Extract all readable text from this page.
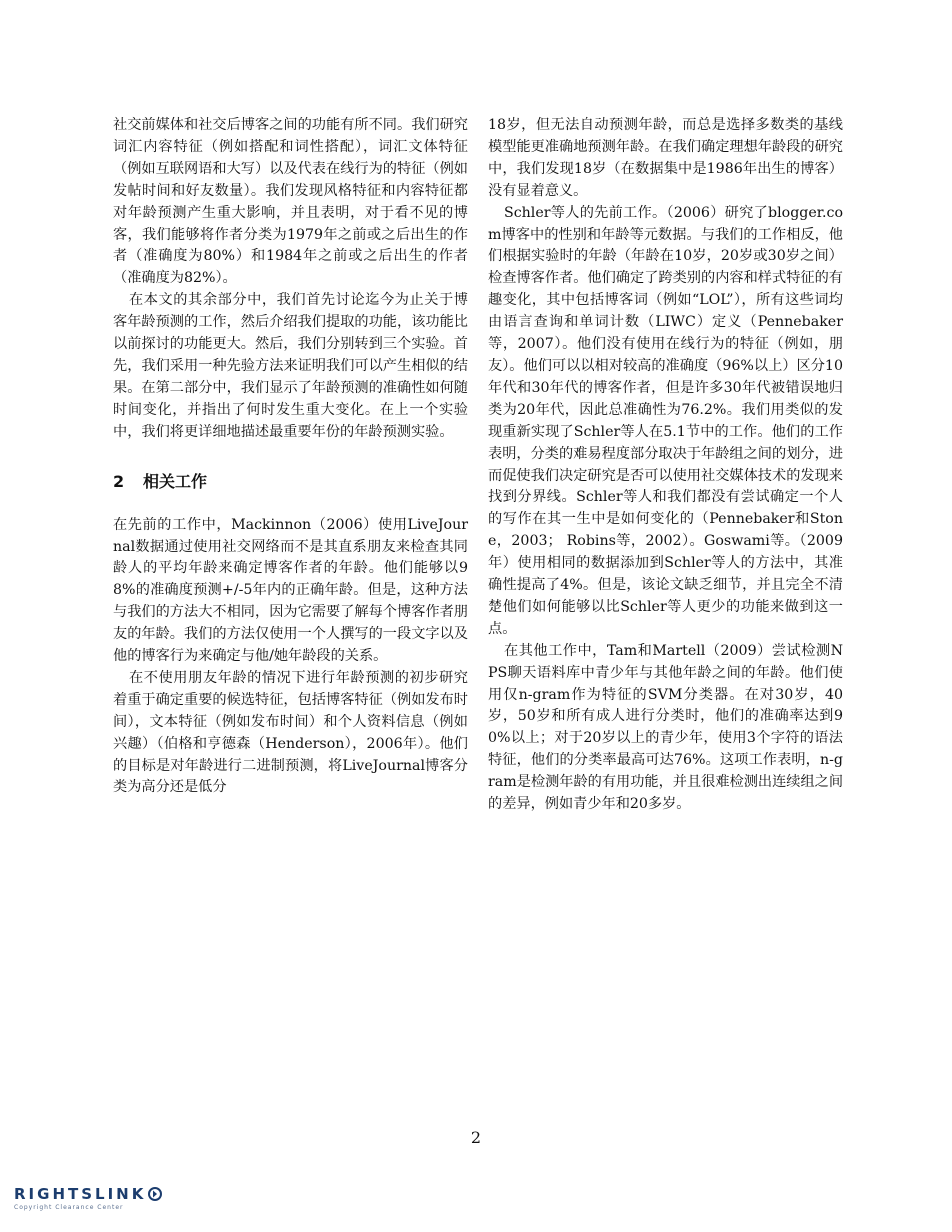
社交前媒体和社交后博客之间的功能有所不同。我们研究词汇内容特征（例如搭配和词性搭配），词汇文体特征（例如互联网语和大写）以及代表在线行为的特征（例如发帖时间和好友数量）。我们发现风格特征和内容特征都对年龄预测产生重大影响，并且表明，对于看不见的博客，我们能够将作者分类为1979年之前或之后出生的作者（准确度为80%）和1984年之前或之后出生的作者（准确度为82%）。

在本文的其余部分中，我们首先讨论迄今为止关于博客年龄预测的工作，然后介绍我们提取的功能，该功能比以前探讨的功能更大。然后，我们分别转到三个实验。首先，我们采用一种先验方法来证明我们可以产生相似的结果。在第二部分中，我们显示了年龄预测的准确性如何随时间变化，并指出了何时发生重大变化。在上一个实验中，我们将更详细地描述最重要年份的年龄预测实验。

2 相关工作

在先前的工作中，Mackinnon（2006）使用LiveJournal数据通过使用社交网络而不是其直系朋友来检查其同龄人的平均年龄来确定博客作者的年龄。他们能够以98%的准确度预测+/-5年内的正确年龄。但是，这种方法与我们的方法大不相同，因为它需要了解每个博客作者朋友的年龄。我们的方法仅使用一个人撰写的一段文字以及他的博客行为来确定与他/她年龄段的关系。

在不使用朋友年龄的情况下进行年龄预测的初步研究着重于确定重要的候选特征，包括博客特征（例如发布时间），文本特征（例如发布时间）和个人资料信息（例如兴趣）（伯格和亨德森（Henderson），2006年）。他们的目标是对年龄进行二进制预测，将LiveJournal博客分类为高分还是低分

18岁，但无法自动预测年龄，而总是选择多数类的基线模型能更准确地预测年龄。在我们确定理想年龄段的研究中，我们发现18岁（在数据集中是1986年出生的博客）没有显着意义。

Schler等人的先前工作。（2006）研究了blogger.com博客中的性别和年龄等元数据。与我们的工作相反，他们根据实验时的年龄（年龄在10岁，20岁或30岁之间）检查博客作者。他们确定了跨类别的内容和样式特征的有趣变化，其中包括博客词（例如“LOL”），所有这些词均由语言查询和单词计数（LIWC）定义（Pennebaker等，2007）。他们没有使用在线行为的特征（例如，朋友）。他们可以以相对较高的准确度（96%以上）区分10年代和30年代的博客作者，但是许多30年代被错误地归类为20年代，因此总准确性为76.2%。我们用类似的发现重新实现了Schler等人在5.1节中的工作。他们的工作表明，分类的难易程度部分取决于年龄组之间的划分，进而促使我们决定研究是否可以使用社交媒体技术的发现来找到分界线。Schler等人和我们都没有尝试确定一个人的写作在其一生中是如何变化的（Pennebaker和Stone，2003； Robins等，2002）。Goswami等。（2009年）使用相同的数据添加到Schler等人的方法中，其准确性提高了4%。但是，该论文缺乏细节，并且完全不清楚他们如何能够以比Schler等人更少的功能来做到这一点。

在其他工作中，Tam和Martell（2009）尝试检测NPS聊天语料库中青少年与其他年龄之间的年龄。他们使用仅n-gram作为特征的SVM分类器。在对30岁，40岁，50岁和所有成人进行分类时，他们的准确率达到90%以上；对于20岁以上的青少年，使用3个字符的语法特征，他们的分类率最高可达76%。这项工作表明，n-gram是检测年龄的有用功能，并且很难检测出连续组之间的差异，例如青少年和20多岁。

2
RIGHTSLINK
Copyright Clearance Center
